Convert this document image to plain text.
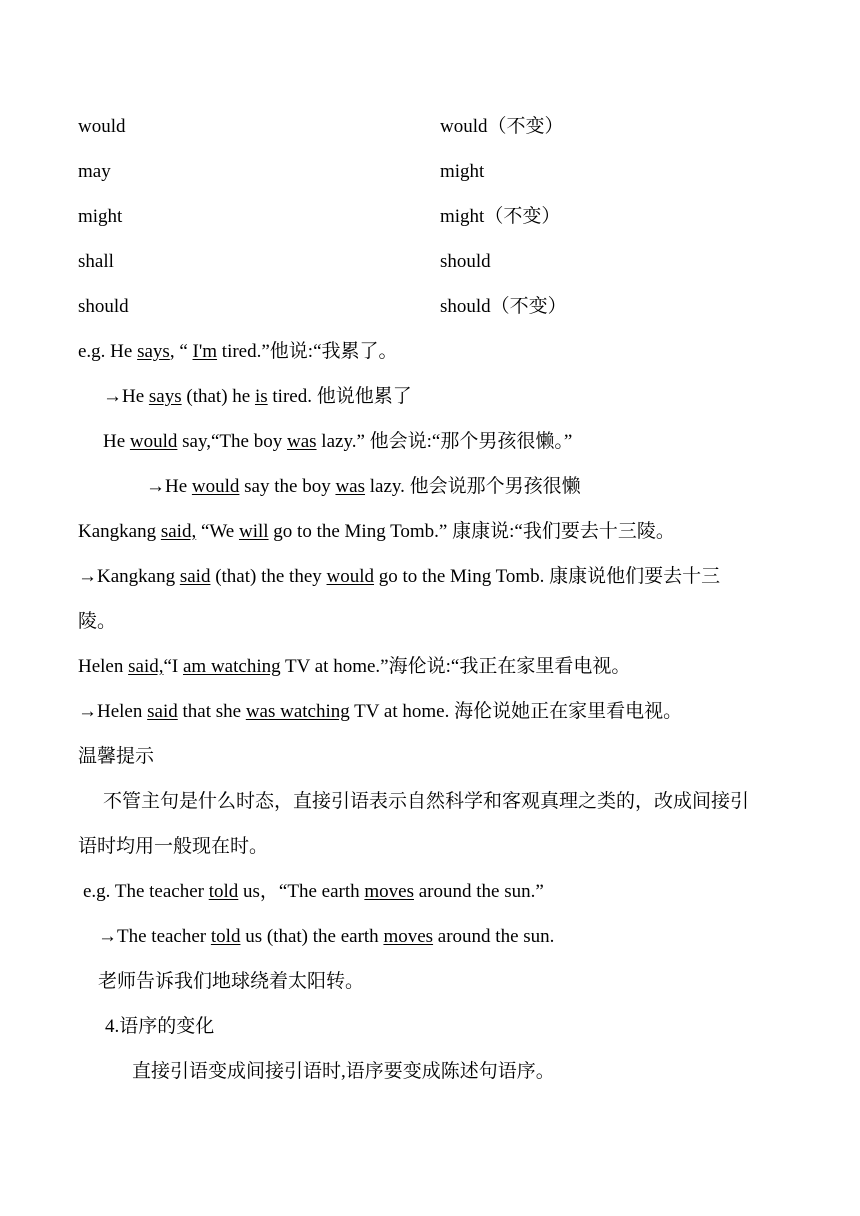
would	would（不变）
may	might
might	might（不变）
shall	should
should	should（不变）
e.g. He says, “ I'm tired.”他说:“我累了。
→He says (that) he is tired. 他说他累了
He would say,“The boy was lazy.” 他会说:“那个男孩很懒。”
→He would say the boy was lazy. 他会说那个男孩很懒
Kangkang said, “We will go to the Ming Tomb.” 康康说:“我们要去十三陵。
→Kangkang said (that) the they would go to the Ming Tomb. 康康说他们要去十三
陵。
Helen said,“I am watching TV at home.”海伦说:“我正在家里看电视。
→Helen said that she was watching TV at home. 海伦说她正在家里看电视。
温馨提示
不管主句是什么时态，直接引语表示自然科学和客观真理之类的，改成间接引
语时均用一般现在时。
e.g. The teacher told us，“The earth moves around the sun.”
→The teacher told us (that) the earth moves around the sun.
老师告诉我们地球绕着太阳转。
4.语序的变化
直接引语变成间接引语时,语序要变成陈述句语序。
